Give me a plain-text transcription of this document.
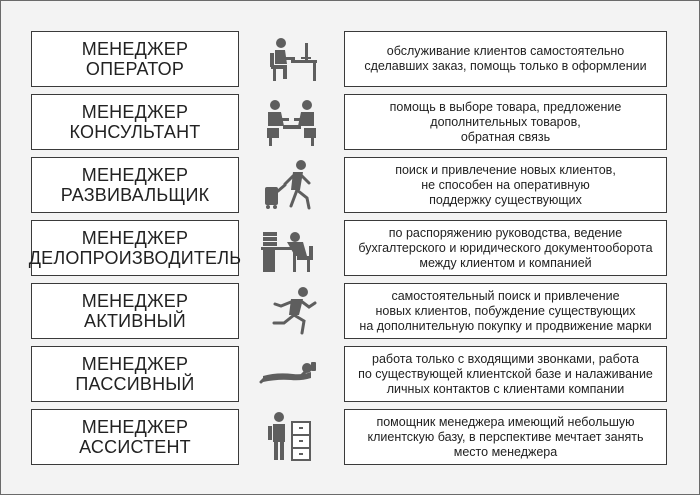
МЕНЕДЖЕР
ОПЕРАТОР
обслуживание клиентов самостоятельно
сделавших заказ, помощь только в оформлении
МЕНЕДЖЕР
КОНСУЛЬТАНТ
помощь в выборе товара, предложение
дополнительных товаров,
обратная связь
МЕНЕДЖЕР
РАЗВИВАЛЬЩИК
поиск и привлечение новых клиентов,
не способен на оперативную
поддержку существующих
МЕНЕДЖЕР
ДЕЛОПРОИЗВОДИТЕЛЬ
по распоряжению руководства, ведение
бухгалтерского и юридического документооборота
между клиентом и компанией
МЕНЕДЖЕР
АКТИВНЫЙ
самостоятельный поиск и привлечение
новых клиентов, побуждение существующих
на дополнительную покупку и продвижение марки
МЕНЕДЖЕР
ПАССИВНЫЙ
работа только с входящими звонками, работа
по существующей клиентской базе и налаживание
личных контактов с клиентами компании
МЕНЕДЖЕР
АССИСТЕНТ
помощник менеджера имеющий небольшую
клиентскую базу, в перспективе мечтает занять
место менеджера
